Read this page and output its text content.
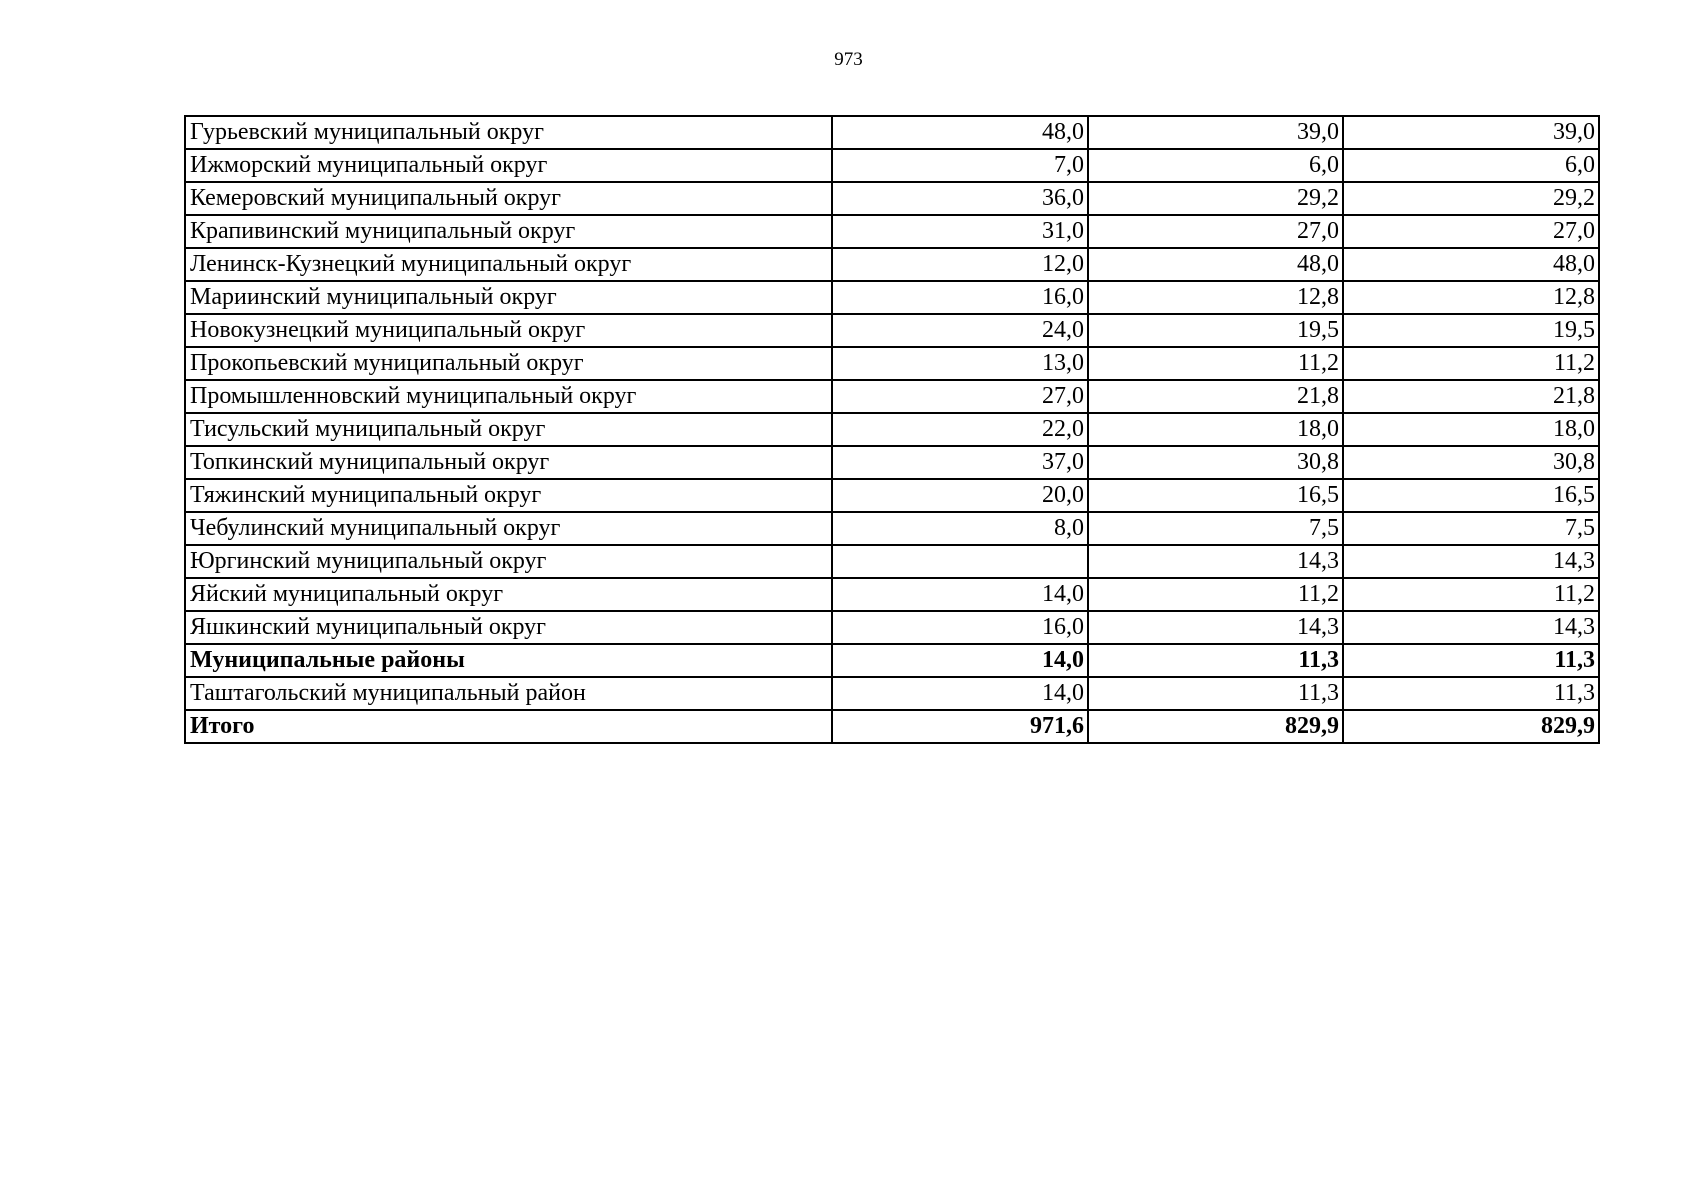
973
Гурьевский муниципальный округ	48,0	39,0	39,0
Ижморский муниципальный округ	7,0	6,0	6,0
Кемеровский муниципальный округ	36,0	29,2	29,2
Крапивинский муниципальный округ	31,0	27,0	27,0
Ленинск-Кузнецкий муниципальный округ	12,0	48,0	48,0
Мариинский муниципальный округ	16,0	12,8	12,8
Новокузнецкий муниципальный округ	24,0	19,5	19,5
Прокопьевский муниципальный округ	13,0	11,2	11,2
Промышленновский муниципальный округ	27,0	21,8	21,8
Тисульский муниципальный округ	22,0	18,0	18,0
Топкинский муниципальный округ	37,0	30,8	30,8
Тяжинский муниципальный округ	20,0	16,5	16,5
Чебулинский муниципальный округ	8,0	7,5	7,5
Юргинский муниципальный округ		14,3	14,3
Яйский муниципальный округ	14,0	11,2	11,2
Яшкинский муниципальный округ	16,0	14,3	14,3
Муниципальные районы	14,0	11,3	11,3
Таштагольский муниципальный район	14,0	11,3	11,3
Итого	971,6	829,9	829,9
